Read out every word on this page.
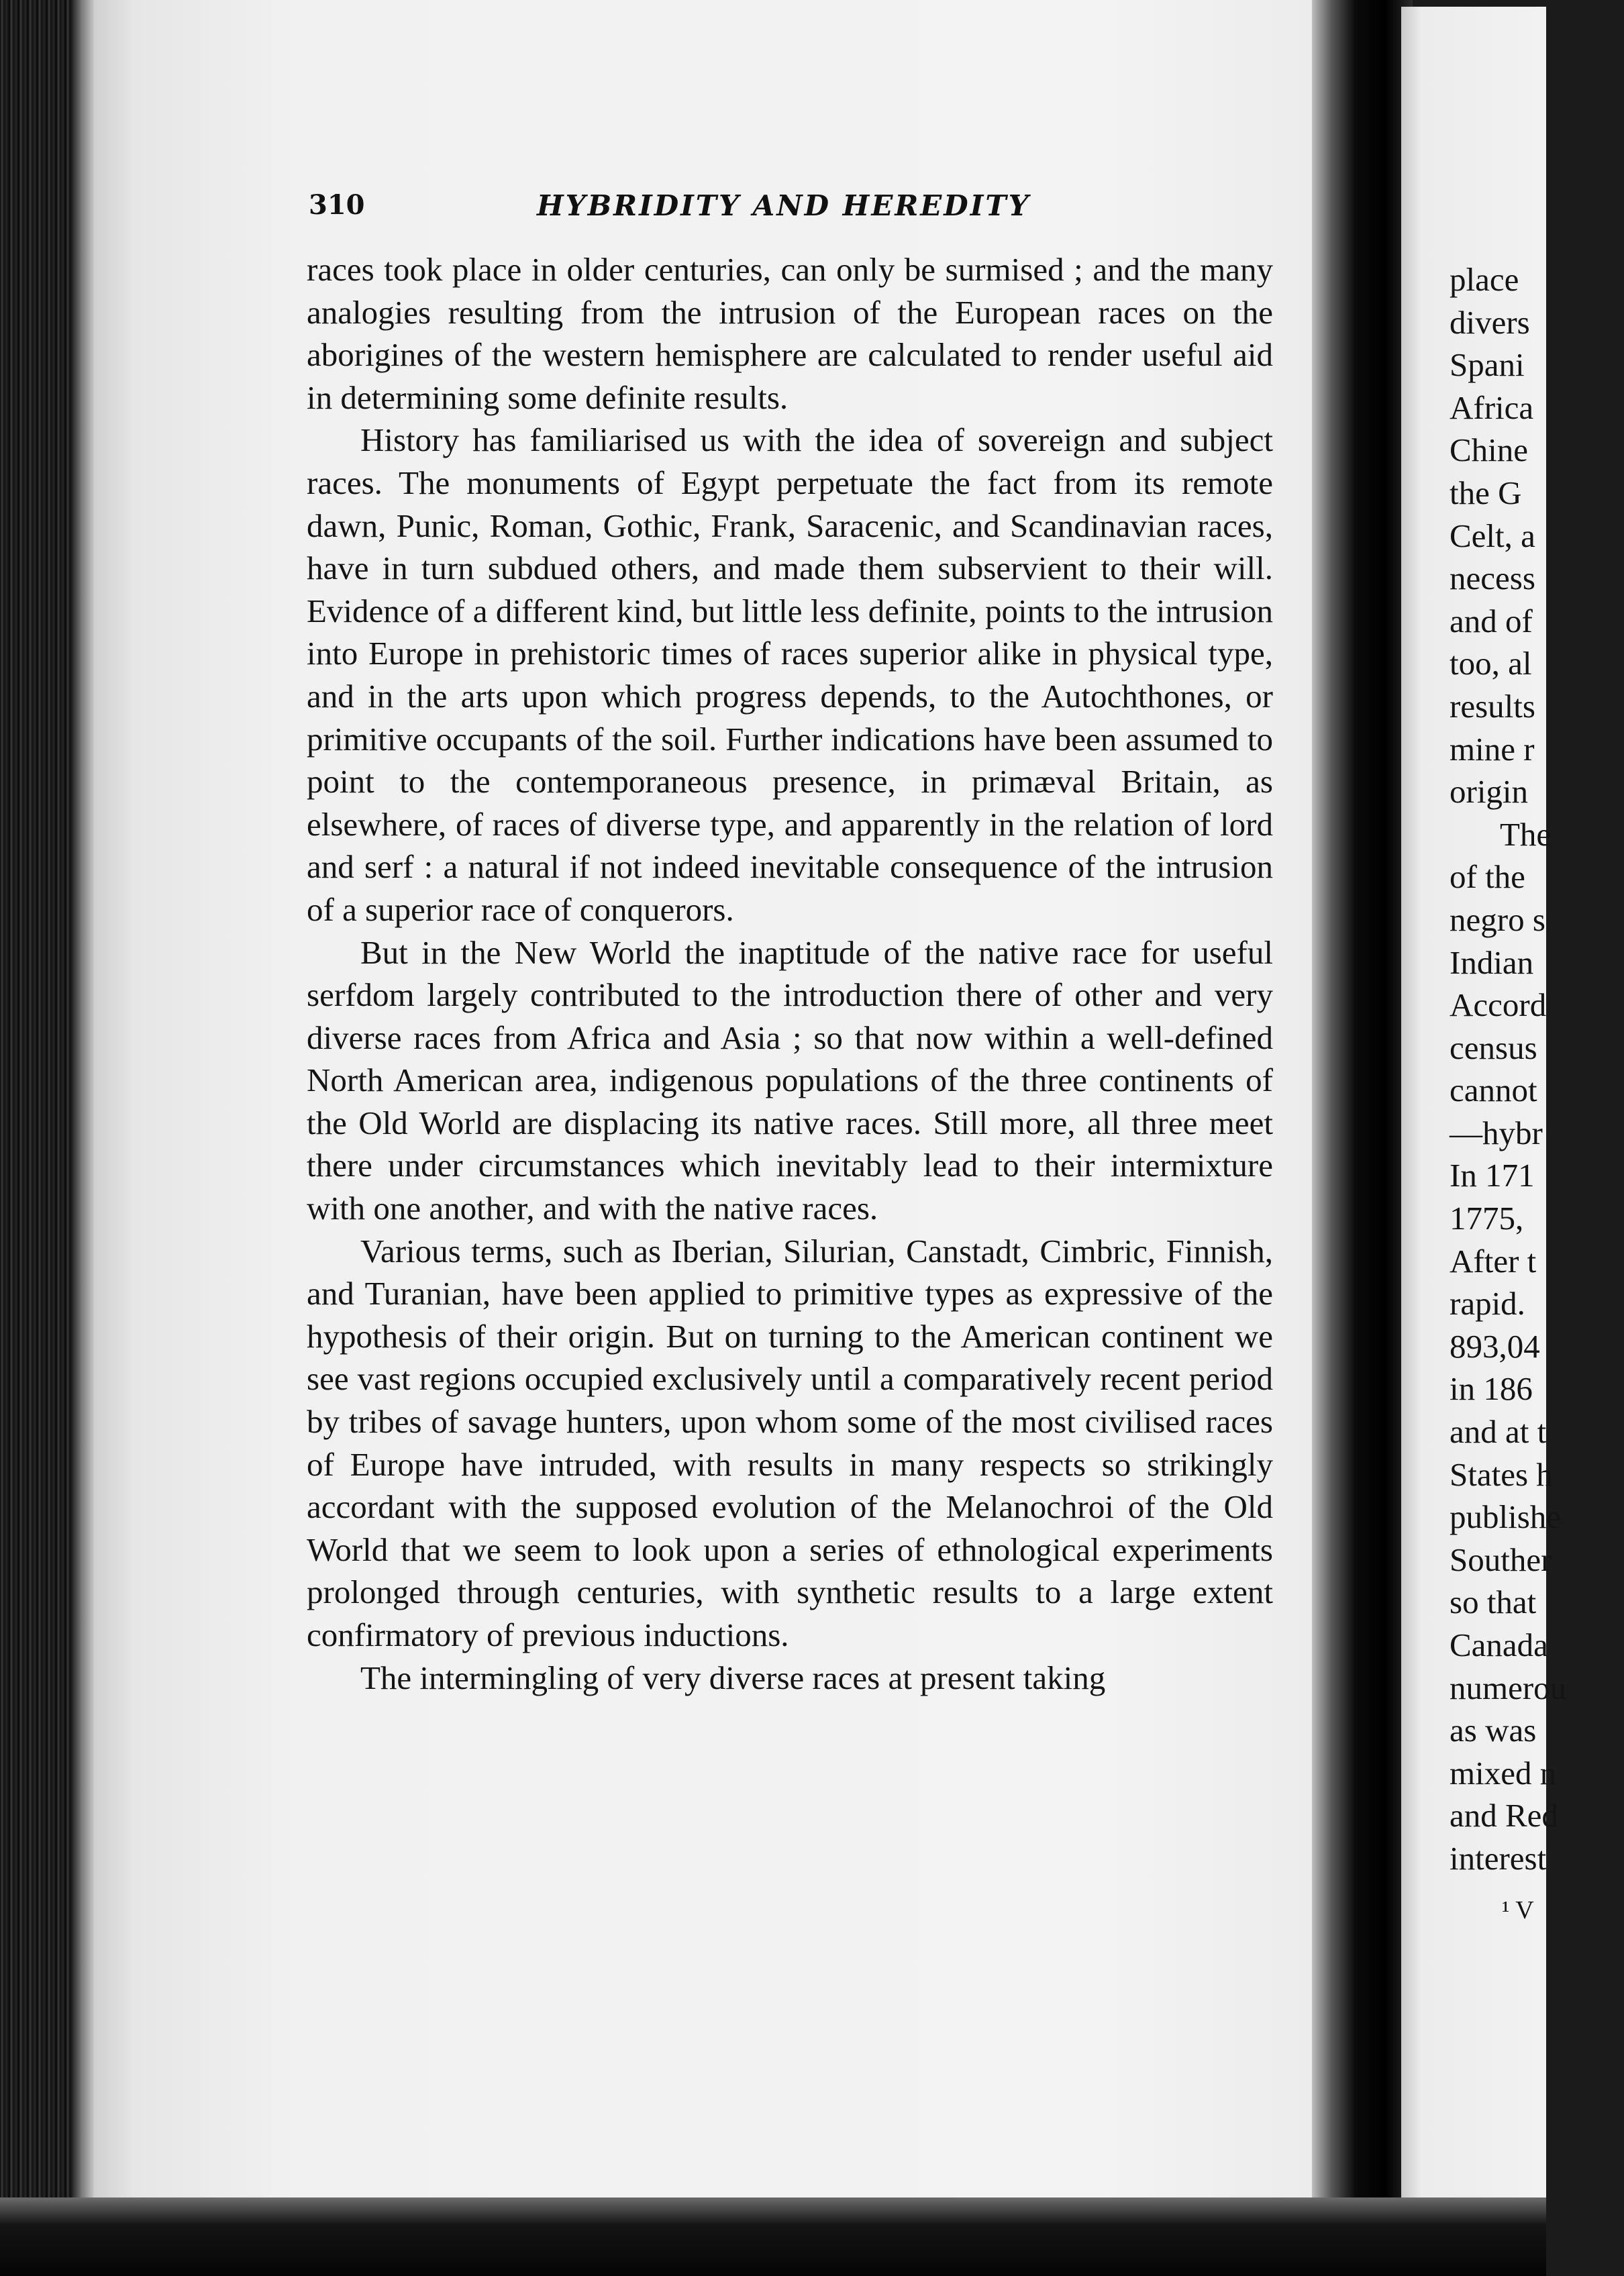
310	HYBRIDITY AND HEREDITY

races took place in older centuries, can only be surmised ; and the many analogies resulting from the intrusion of the European races on the aborigines of the western hemisphere are calculated to render useful aid in determining some definite results.

History has familiarised us with the idea of sovereign and subject races. The monuments of Egypt perpetuate the fact from its remote dawn, Punic, Roman, Gothic, Frank, Saracenic, and Scandinavian races, have in turn subdued others, and made them subservient to their will. Evidence of a different kind, but little less definite, points to the intrusion into Europe in prehistoric times of races superior alike in physical type, and in the arts upon which progress depends, to the Autochthones, or primitive occupants of the soil. Further indications have been assumed to point to the contemporaneous presence, in primæval Britain, as elsewhere, of races of diverse type, and apparently in the relation of lord and serf : a natural if not indeed inevitable consequence of the intrusion of a superior race of conquerors.

But in the New World the inaptitude of the native race for useful serfdom largely contributed to the introduction there of other and very diverse races from Africa and Asia ; so that now within a well-defined North American area, indigenous populations of the three continents of the Old World are displacing its native races. Still more, all three meet there under circumstances which inevitably lead to their intermixture with one another, and with the native races.

Various terms, such as Iberian, Silurian, Canstadt, Cimbric, Finnish, and Turanian, have been applied to primitive types as expressive of the hypothesis of their origin. But on turning to the American continent we see vast regions occupied exclusively until a comparatively recent period by tribes of savage hunters, upon whom some of the most civilised races of Europe have intruded, with results in many respects so strikingly accordant with the supposed evolution of the Melanochroi of the Old World that we seem to look upon a series of ethnological experiments prolonged through centuries, with synthetic results to a large extent confirmatory of previous inductions.

The intermingling of very diverse races at present taking

place
divers
Spani
Africa
Chine
the G
Celt, a
necess
and of
too, al
results
mine r
origin
The
of the
negro s
Indian
Accord
census
cannot
—hybr
In 171
1775,
After t
rapid.
893,04
in 186
and at t
States h
publishe
Souther
so that
Canada
numerou
as was
mixed n
and Red
interest
¹ V
